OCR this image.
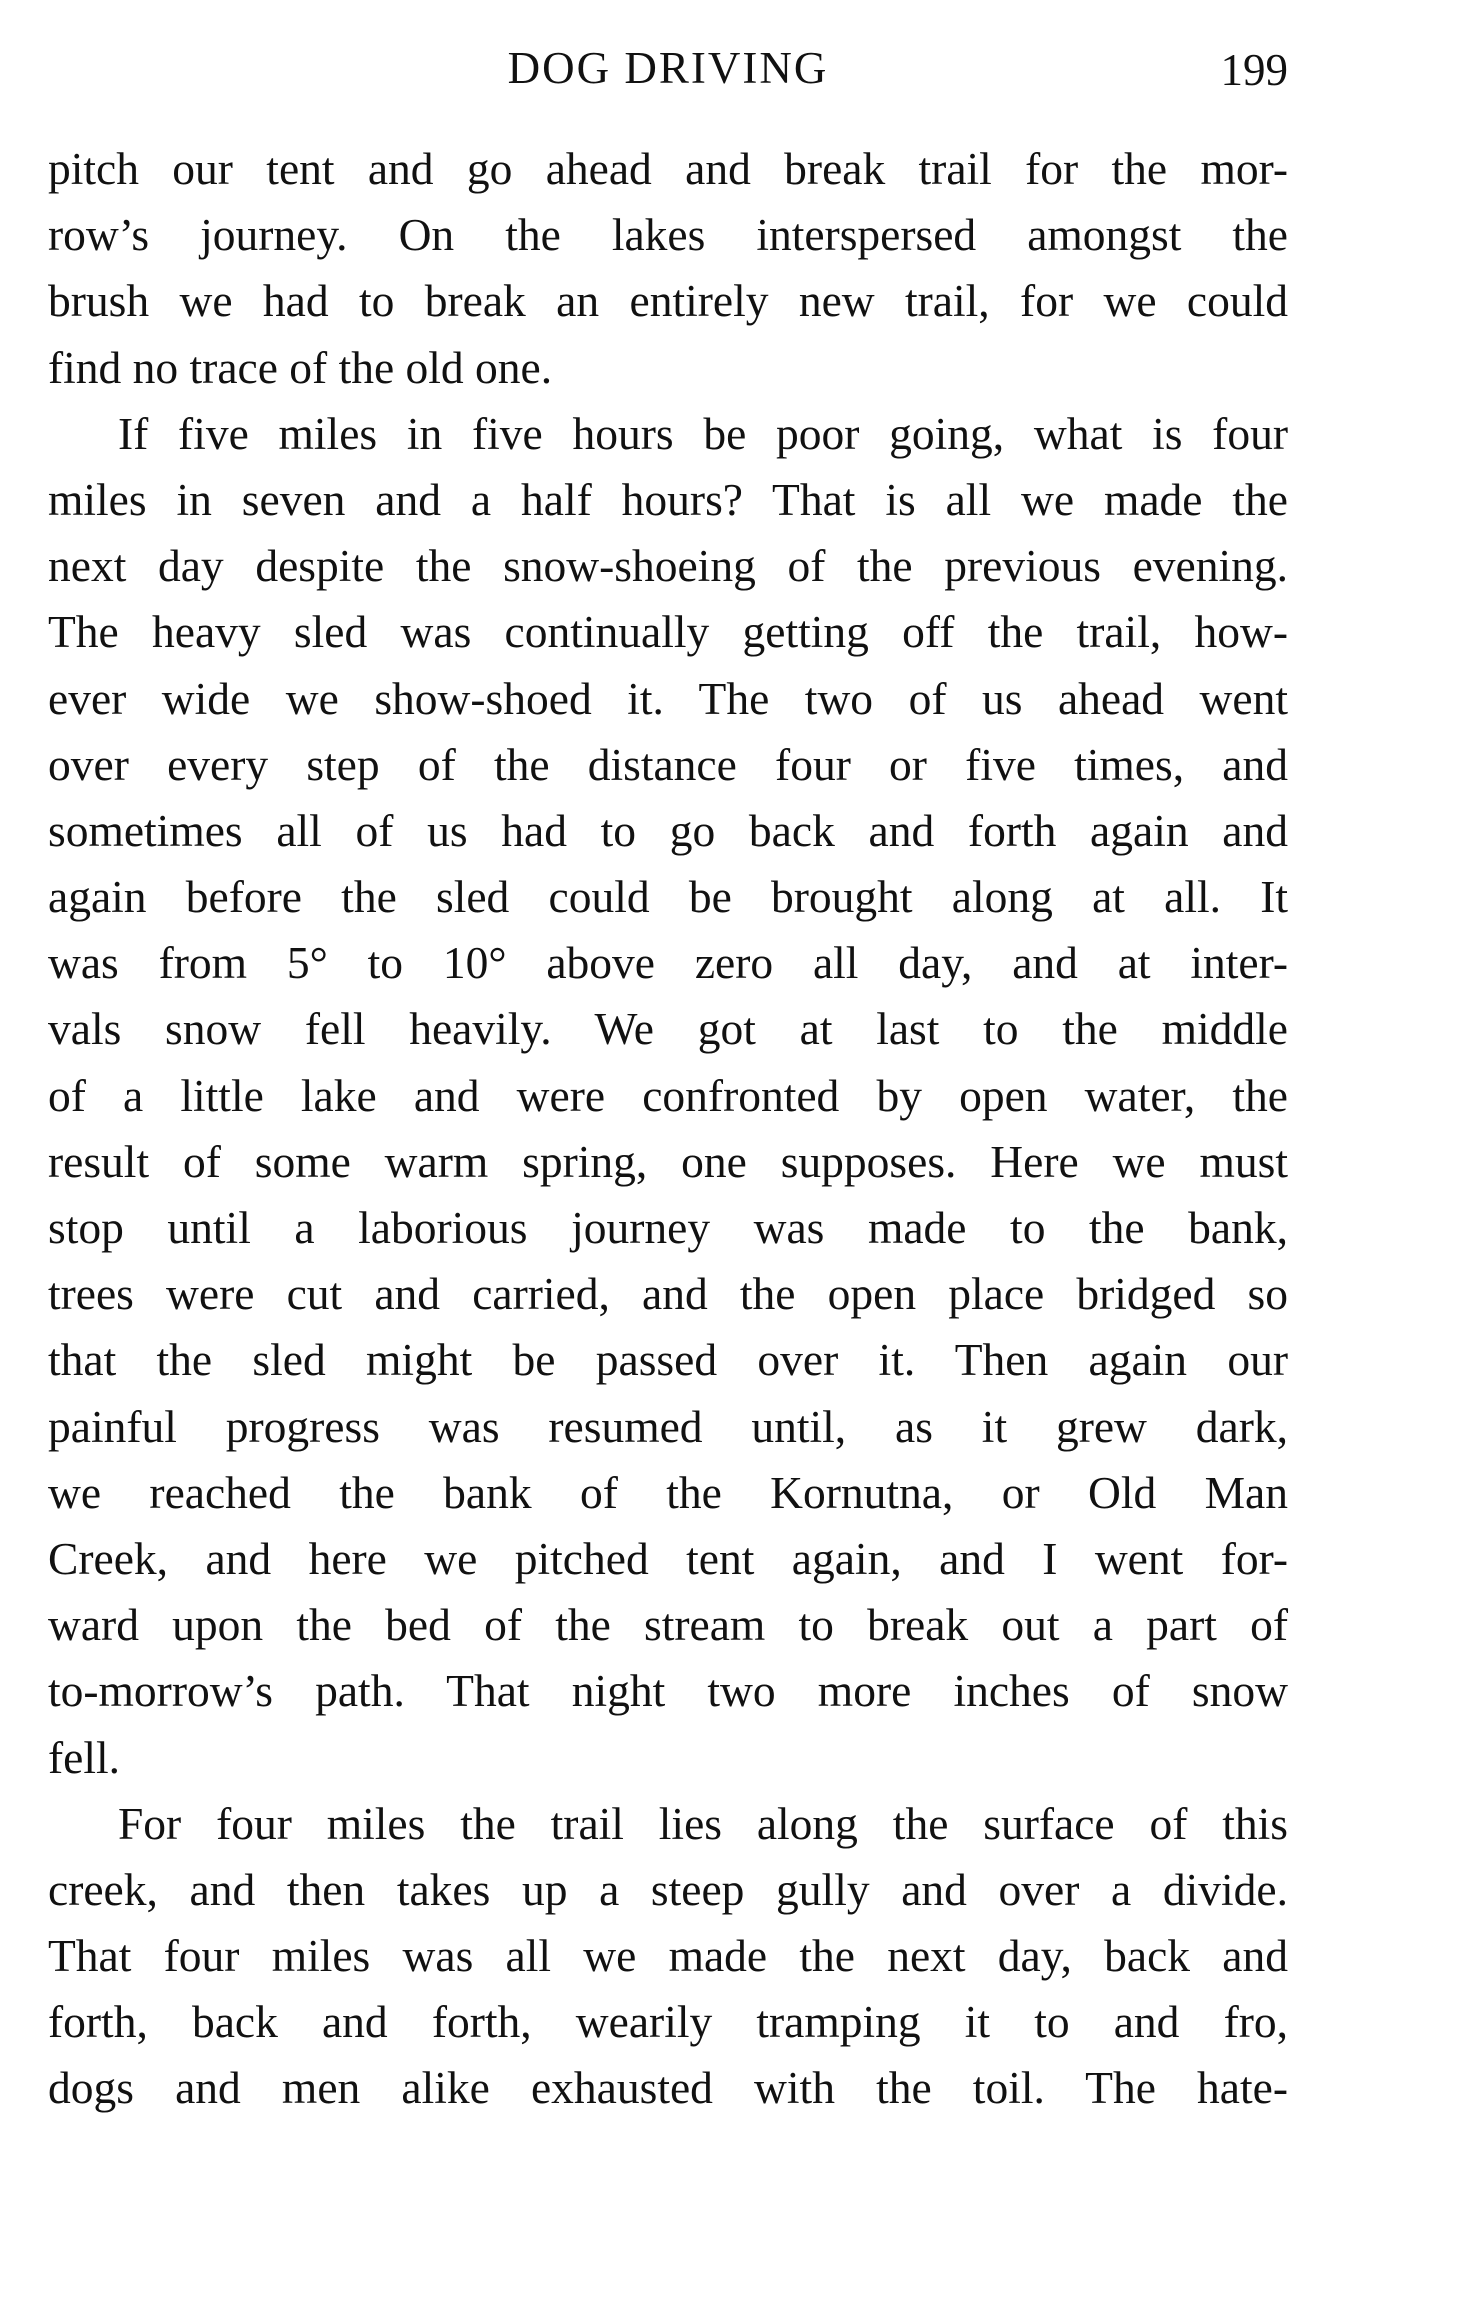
DOG DRIVING	199

pitch our tent and go ahead and break trail for the mor-
row’s journey. On the lakes interspersed amongst the
brush we had to break an entirely new trail, for we could
find no trace of the old one.

If five miles in five hours be poor going, what is four
miles in seven and a half hours? That is all we made the
next day despite the snow-shoeing of the previous evening.
The heavy sled was continually getting off the trail, how-
ever wide we show-shoed it. The two of us ahead went
over every step of the distance four or five times, and
sometimes all of us had to go back and forth again and
again before the sled could be brought along at all. It
was from 5° to 10° above zero all day, and at inter-
vals snow fell heavily. We got at last to the middle
of a little lake and were confronted by open water, the
result of some warm spring, one supposes. Here we must
stop until a laborious journey was made to the bank,
trees were cut and carried, and the open place bridged so
that the sled might be passed over it. Then again our
painful progress was resumed until, as it grew dark,
we reached the bank of the Kornutna, or Old Man
Creek, and here we pitched tent again, and I went for-
ward upon the bed of the stream to break out a part of
to-morrow’s path. That night two more inches of snow
fell.

For four miles the trail lies along the surface of this
creek, and then takes up a steep gully and over a divide.
That four miles was all we made the next day, back and
forth, back and forth, wearily tramping it to and fro,
dogs and men alike exhausted with the toil. The hate-
